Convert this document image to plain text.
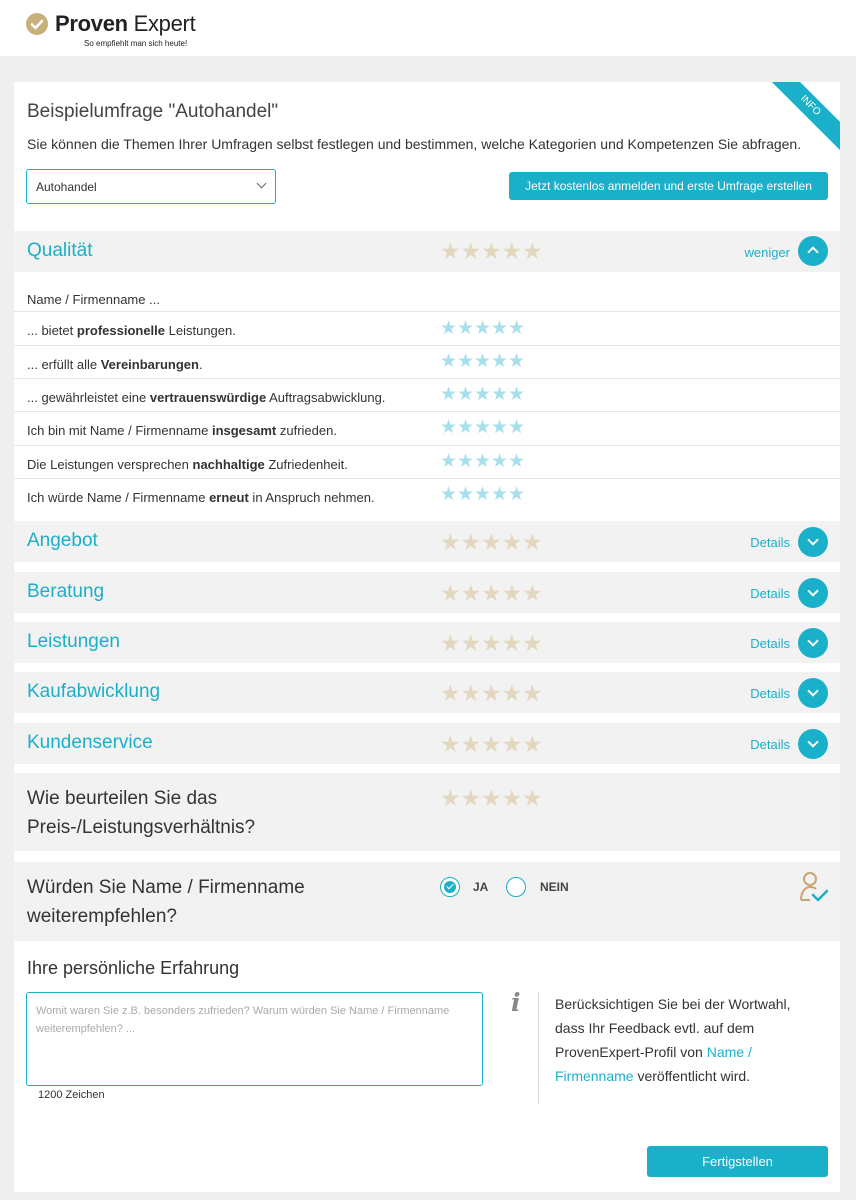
Proven Expert
So empfiehlt man sich heute!
INFO
Beispielumfrage "Autohandel"
Sie können die Themen Ihrer Umfragen selbst festlegen und bestimmen, welche Kategorien und Kompetenzen Sie abfragen.
Autohandel	Jetzt kostenlos anmelden und erste Umfrage erstellen
Qualität	★ ★ ★ ★ ★	weniger
Name / Firmenname ...
... bietet professionelle Leistungen.	★ ★ ★ ★ ★
... erfüllt alle Vereinbarungen.	★ ★ ★ ★ ★
... gewährleistet eine vertrauenswürdige Auftragsabwicklung.	★ ★ ★ ★ ★
Ich bin mit Name / Firmenname insgesamt zufrieden.	★ ★ ★ ★ ★
Die Leistungen versprechen nachhaltige Zufriedenheit.	★ ★ ★ ★ ★
Ich würde Name / Firmenname erneut in Anspruch nehmen.	★ ★ ★ ★ ★
Angebot	★ ★ ★ ★ ★	Details
Beratung	★ ★ ★ ★ ★	Details
Leistungen	★ ★ ★ ★ ★	Details
Kaufabwicklung	★ ★ ★ ★ ★	Details
Kundenservice	★ ★ ★ ★ ★	Details
Wie beurteilen Sie das
Preis-/Leistungsverhältnis?
★ ★ ★ ★ ★
Würden Sie Name / Firmenname
weiterempfehlen?
JA	NEIN
Ihre persönliche Erfahrung
Womit waren Sie z.B. besonders zufrieden? Warum würden Sie Name / Firmenname weiterempfehlen? ...
1200 Zeichen
i	Berücksichtigen Sie bei der Wortwahl, dass Ihr Feedback evtl. auf dem ProvenExpert-Profil von Name / Firmenname veröffentlicht wird.
Fertigstellen
